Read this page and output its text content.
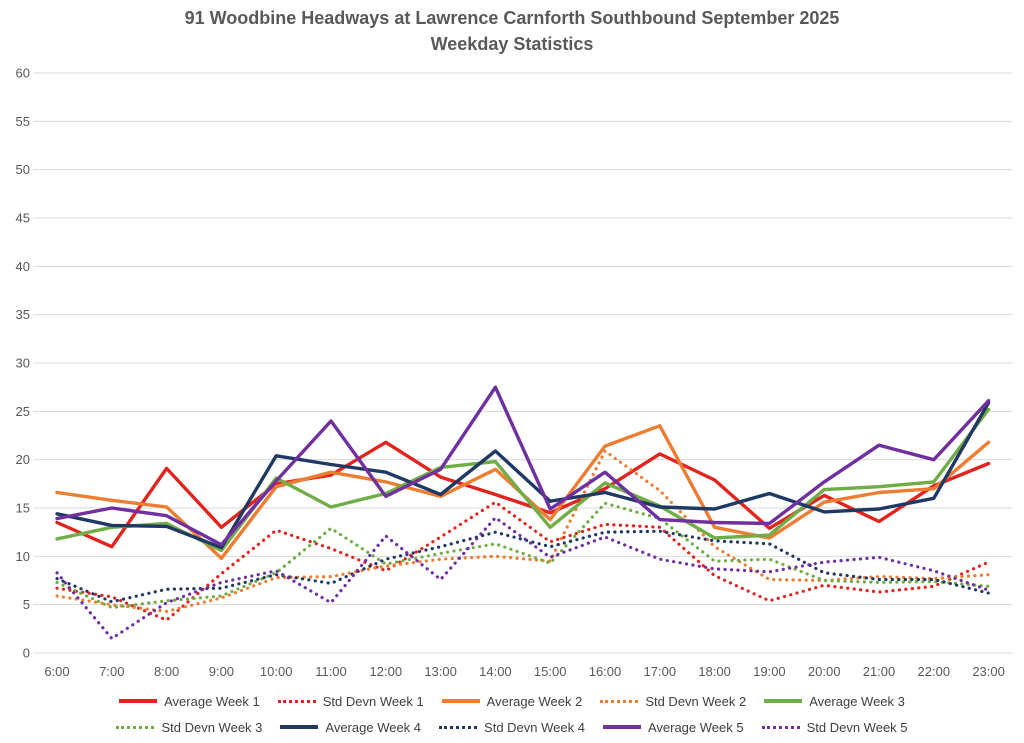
91 Woodbine Headways at Lawrence Carnforth Southbound September 2025
Weekday Statistics
0
5
10
15
20
25
30
35
40
45
50
55
60
6:00 7:00 8:00 9:00 10:00 11:00 12:00 13:00 14:00 15:00 16:00 17:00 18:00 19:00 20:00 21:00 22:00 23:00
Average Week 1	Std Devn Week 1	Average Week 2	Std Devn Week 2	Average Week 3
Std Devn Week 3	Average Week 4	Std Devn Week 4	Average Week 5	Std Devn Week 5
